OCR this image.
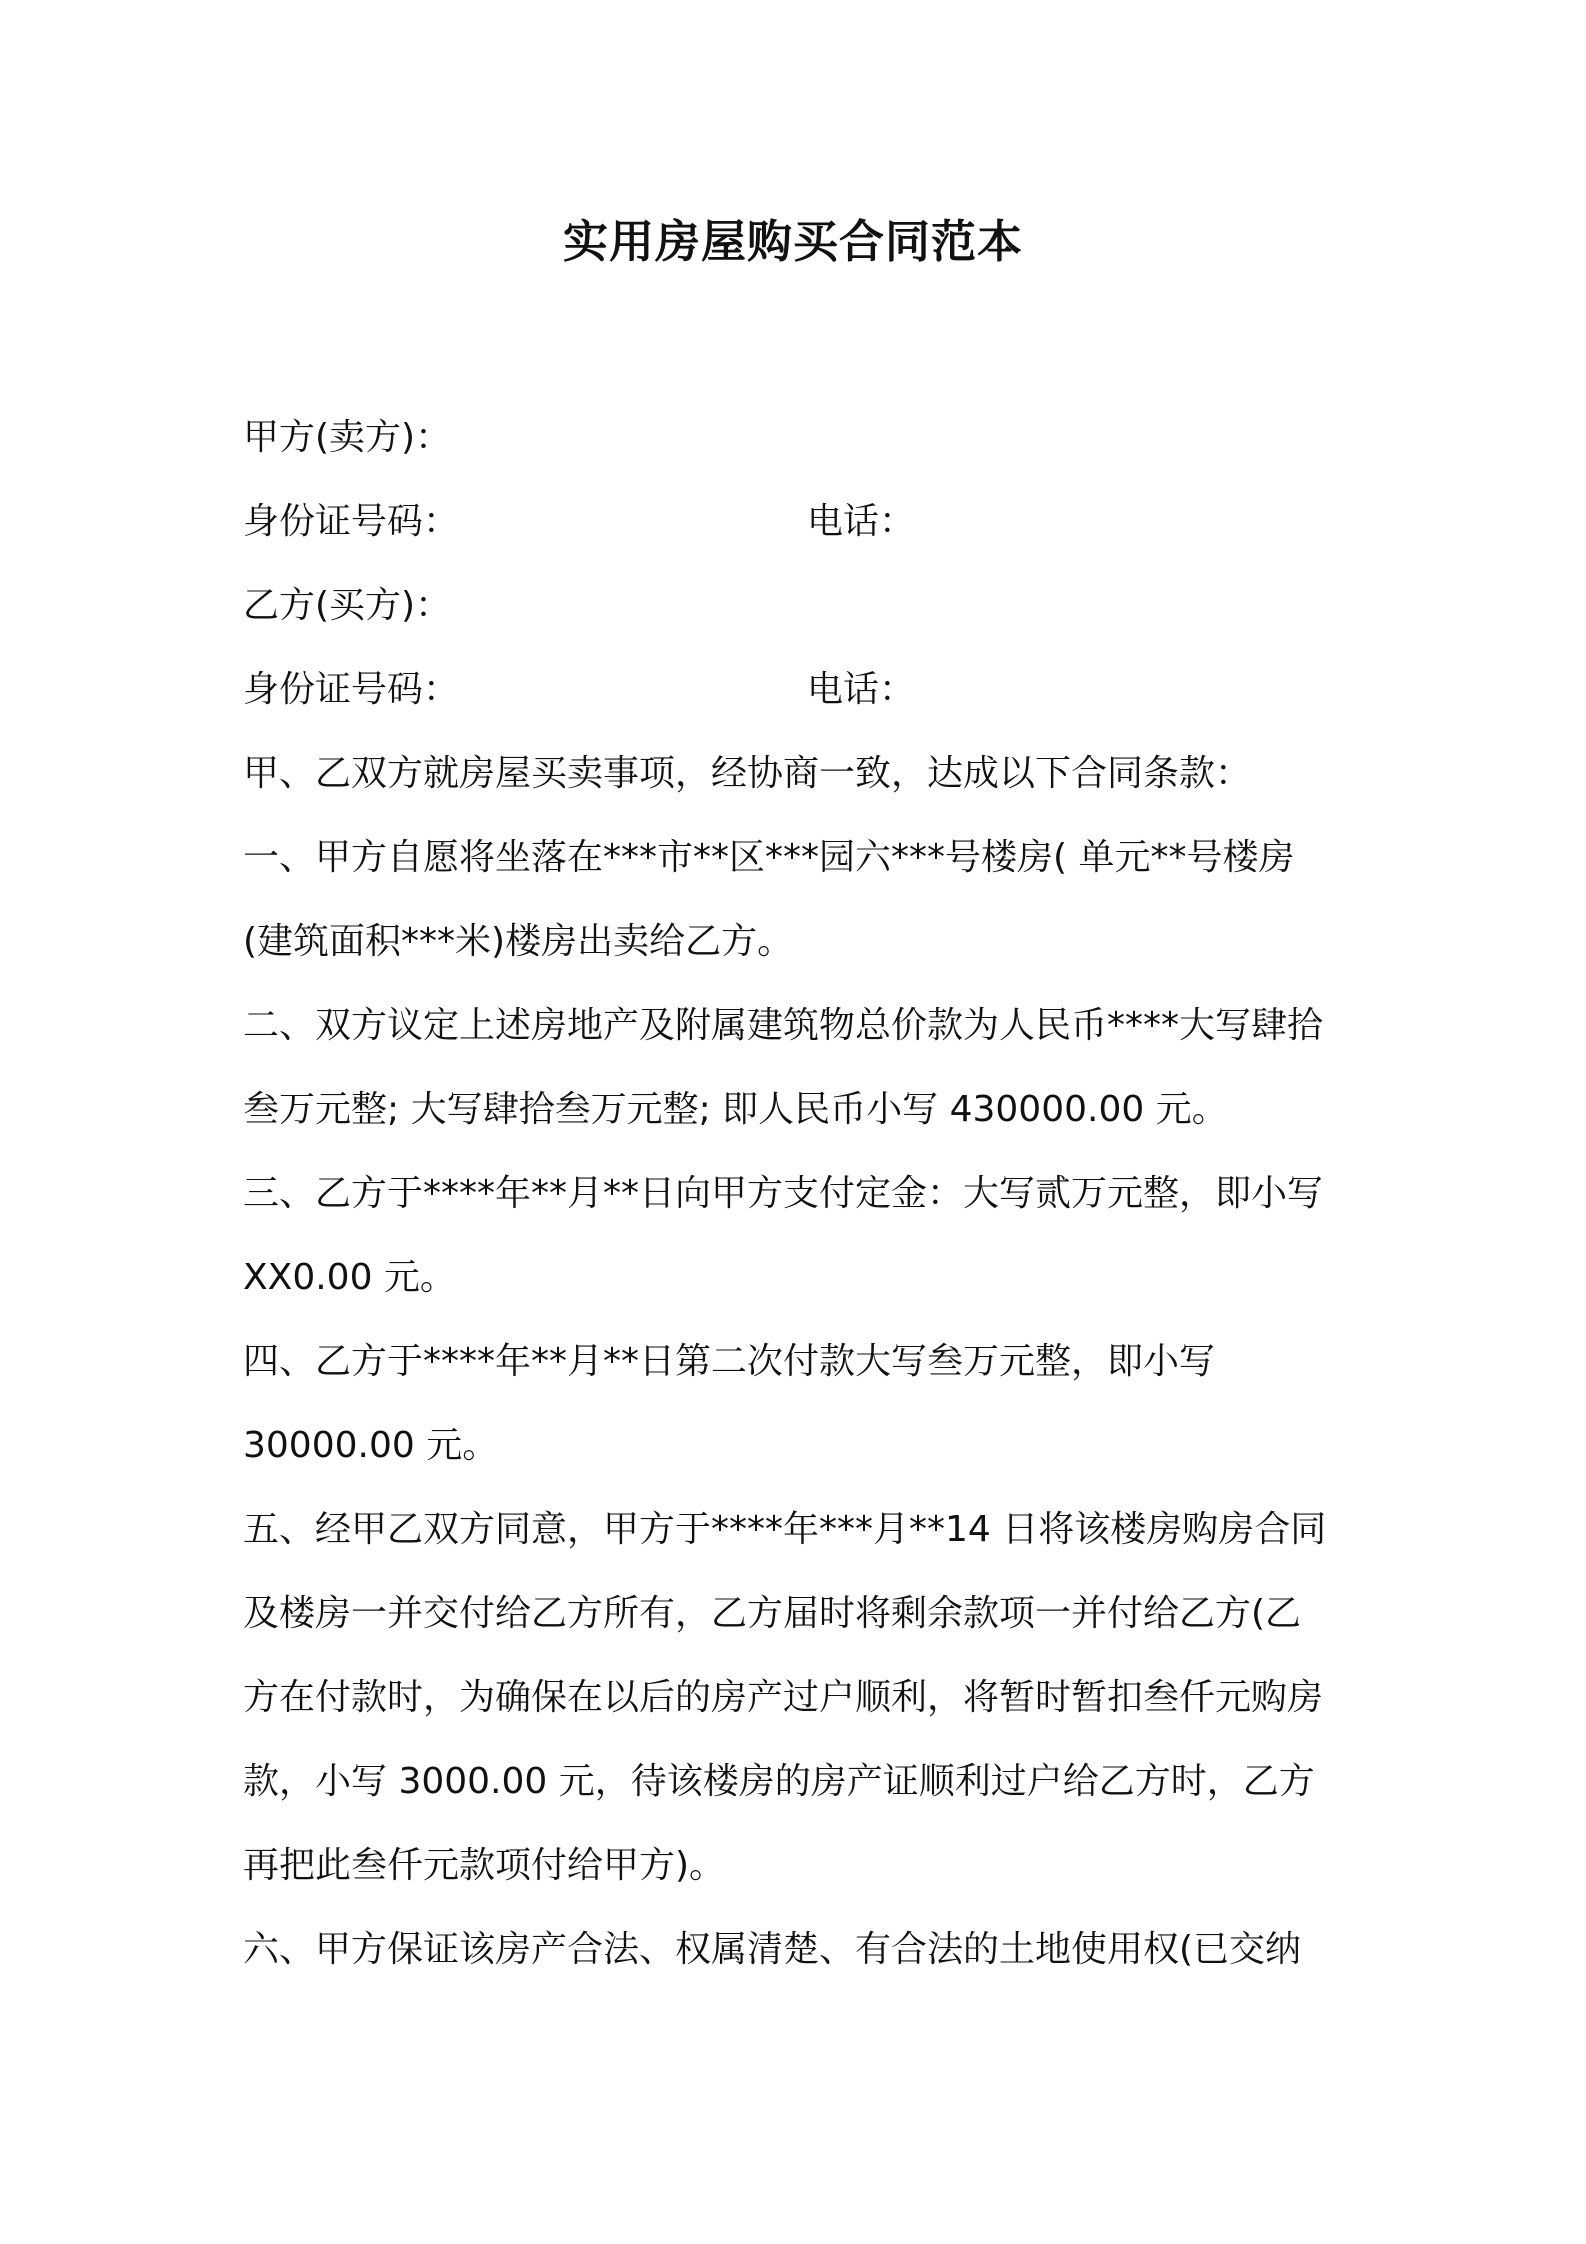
实用房屋购买合同范本
甲方(卖方)：
身份证号码：	电话：
乙方(买方)：
身份证号码：	电话：
甲、乙双方就房屋买卖事项，经协商一致，达成以下合同条款：
一、甲方自愿将坐落在***市**区***园六***号楼房( 单元**号楼房
(建筑面积***米)楼房出卖给乙方。
二、双方议定上述房地产及附属建筑物总价款为人民币****大写肆拾
叁万元整; 大写肆拾叁万元整; 即人民币小写 430000.00 元。
三、乙方于****年**月**日向甲方支付定金：大写贰万元整，即小写
XX0.00 元。
四、乙方于****年**月**日第二次付款大写叁万元整，即小写
30000.00 元。
五、经甲乙双方同意，甲方于****年***月**14 日将该楼房购房合同
及楼房一并交付给乙方所有，乙方届时将剩余款项一并付给乙方(乙
方在付款时，为确保在以后的房产过户顺利，将暂时暂扣叁仟元购房
款，小写 3000.00 元，待该楼房的房产证顺利过户给乙方时，乙方
再把此叁仟元款项付给甲方)。
六、甲方保证该房产合法、权属清楚、有合法的土地使用权(已交纳
